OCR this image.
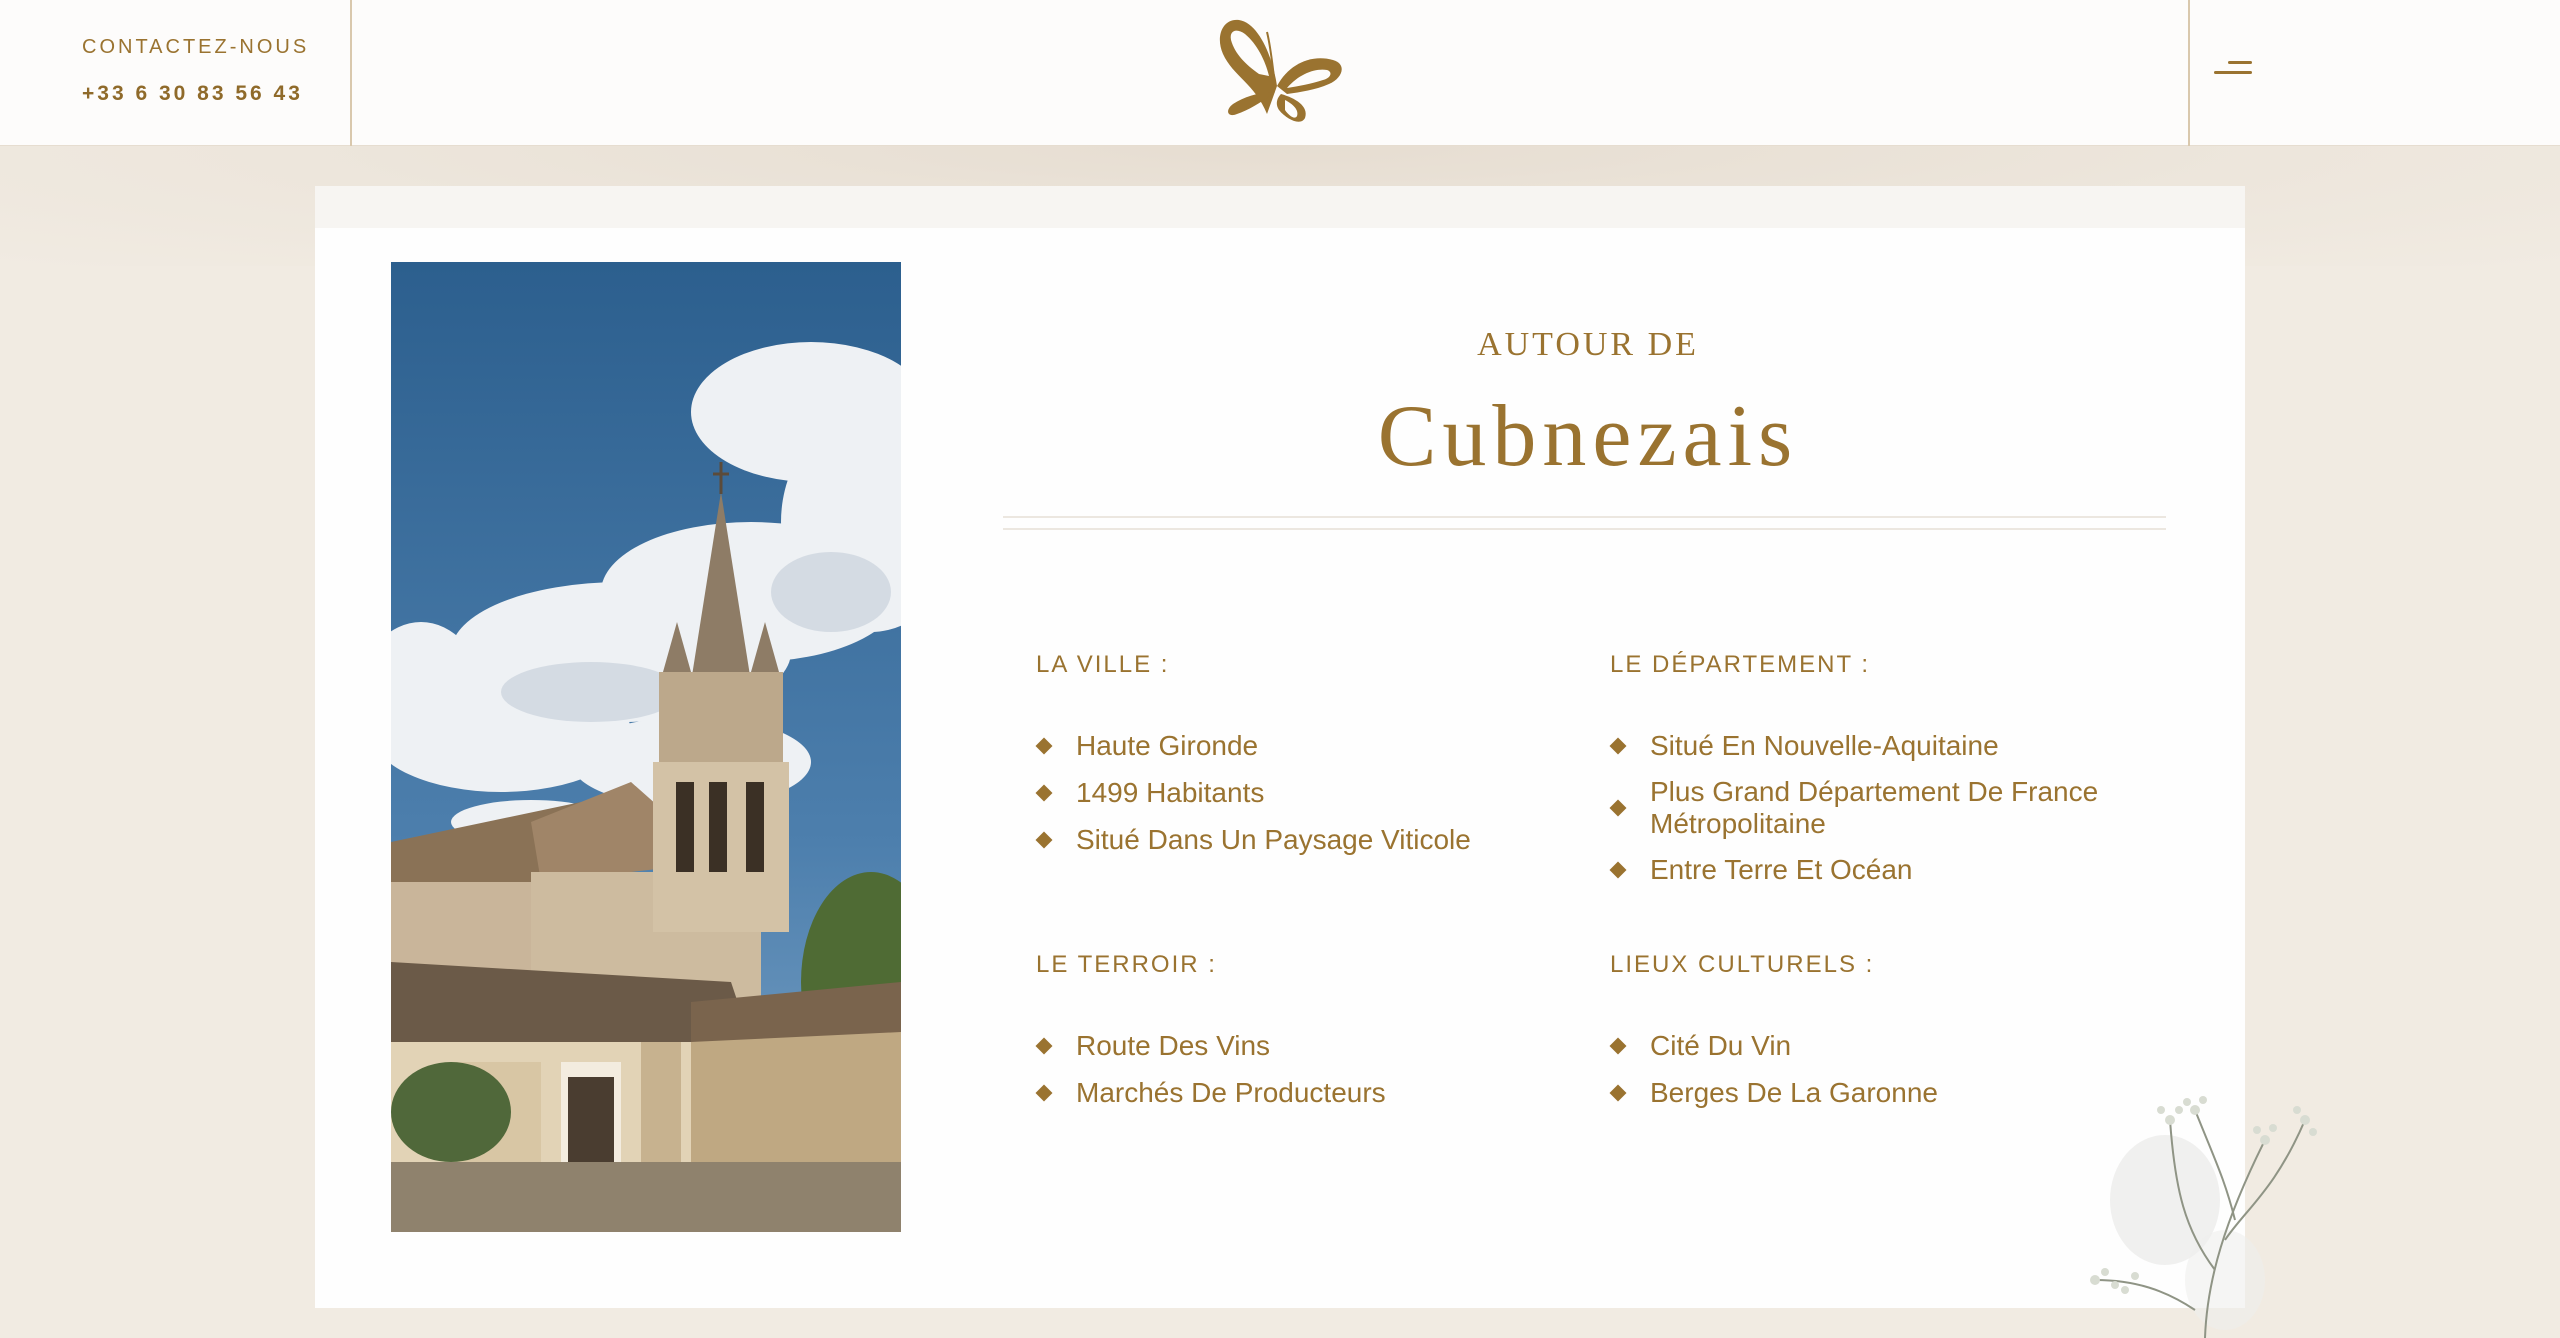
CONTACTEZ-NOUS
+33 6 30 83 56 43
AUTOUR DE
Cubnezais
LA VILLE :
Haute Gironde
1499 Habitants
Situé Dans Un Paysage Viticole
LE DÉPARTEMENT :
Situé En Nouvelle-Aquitaine
Plus Grand Département De France Métropolitaine
Entre Terre Et Océan
LE TERROIR :
Route Des Vins
Marchés De Producteurs
LIEUX CULTURELS :
Cité Du Vin
Berges De La Garonne
